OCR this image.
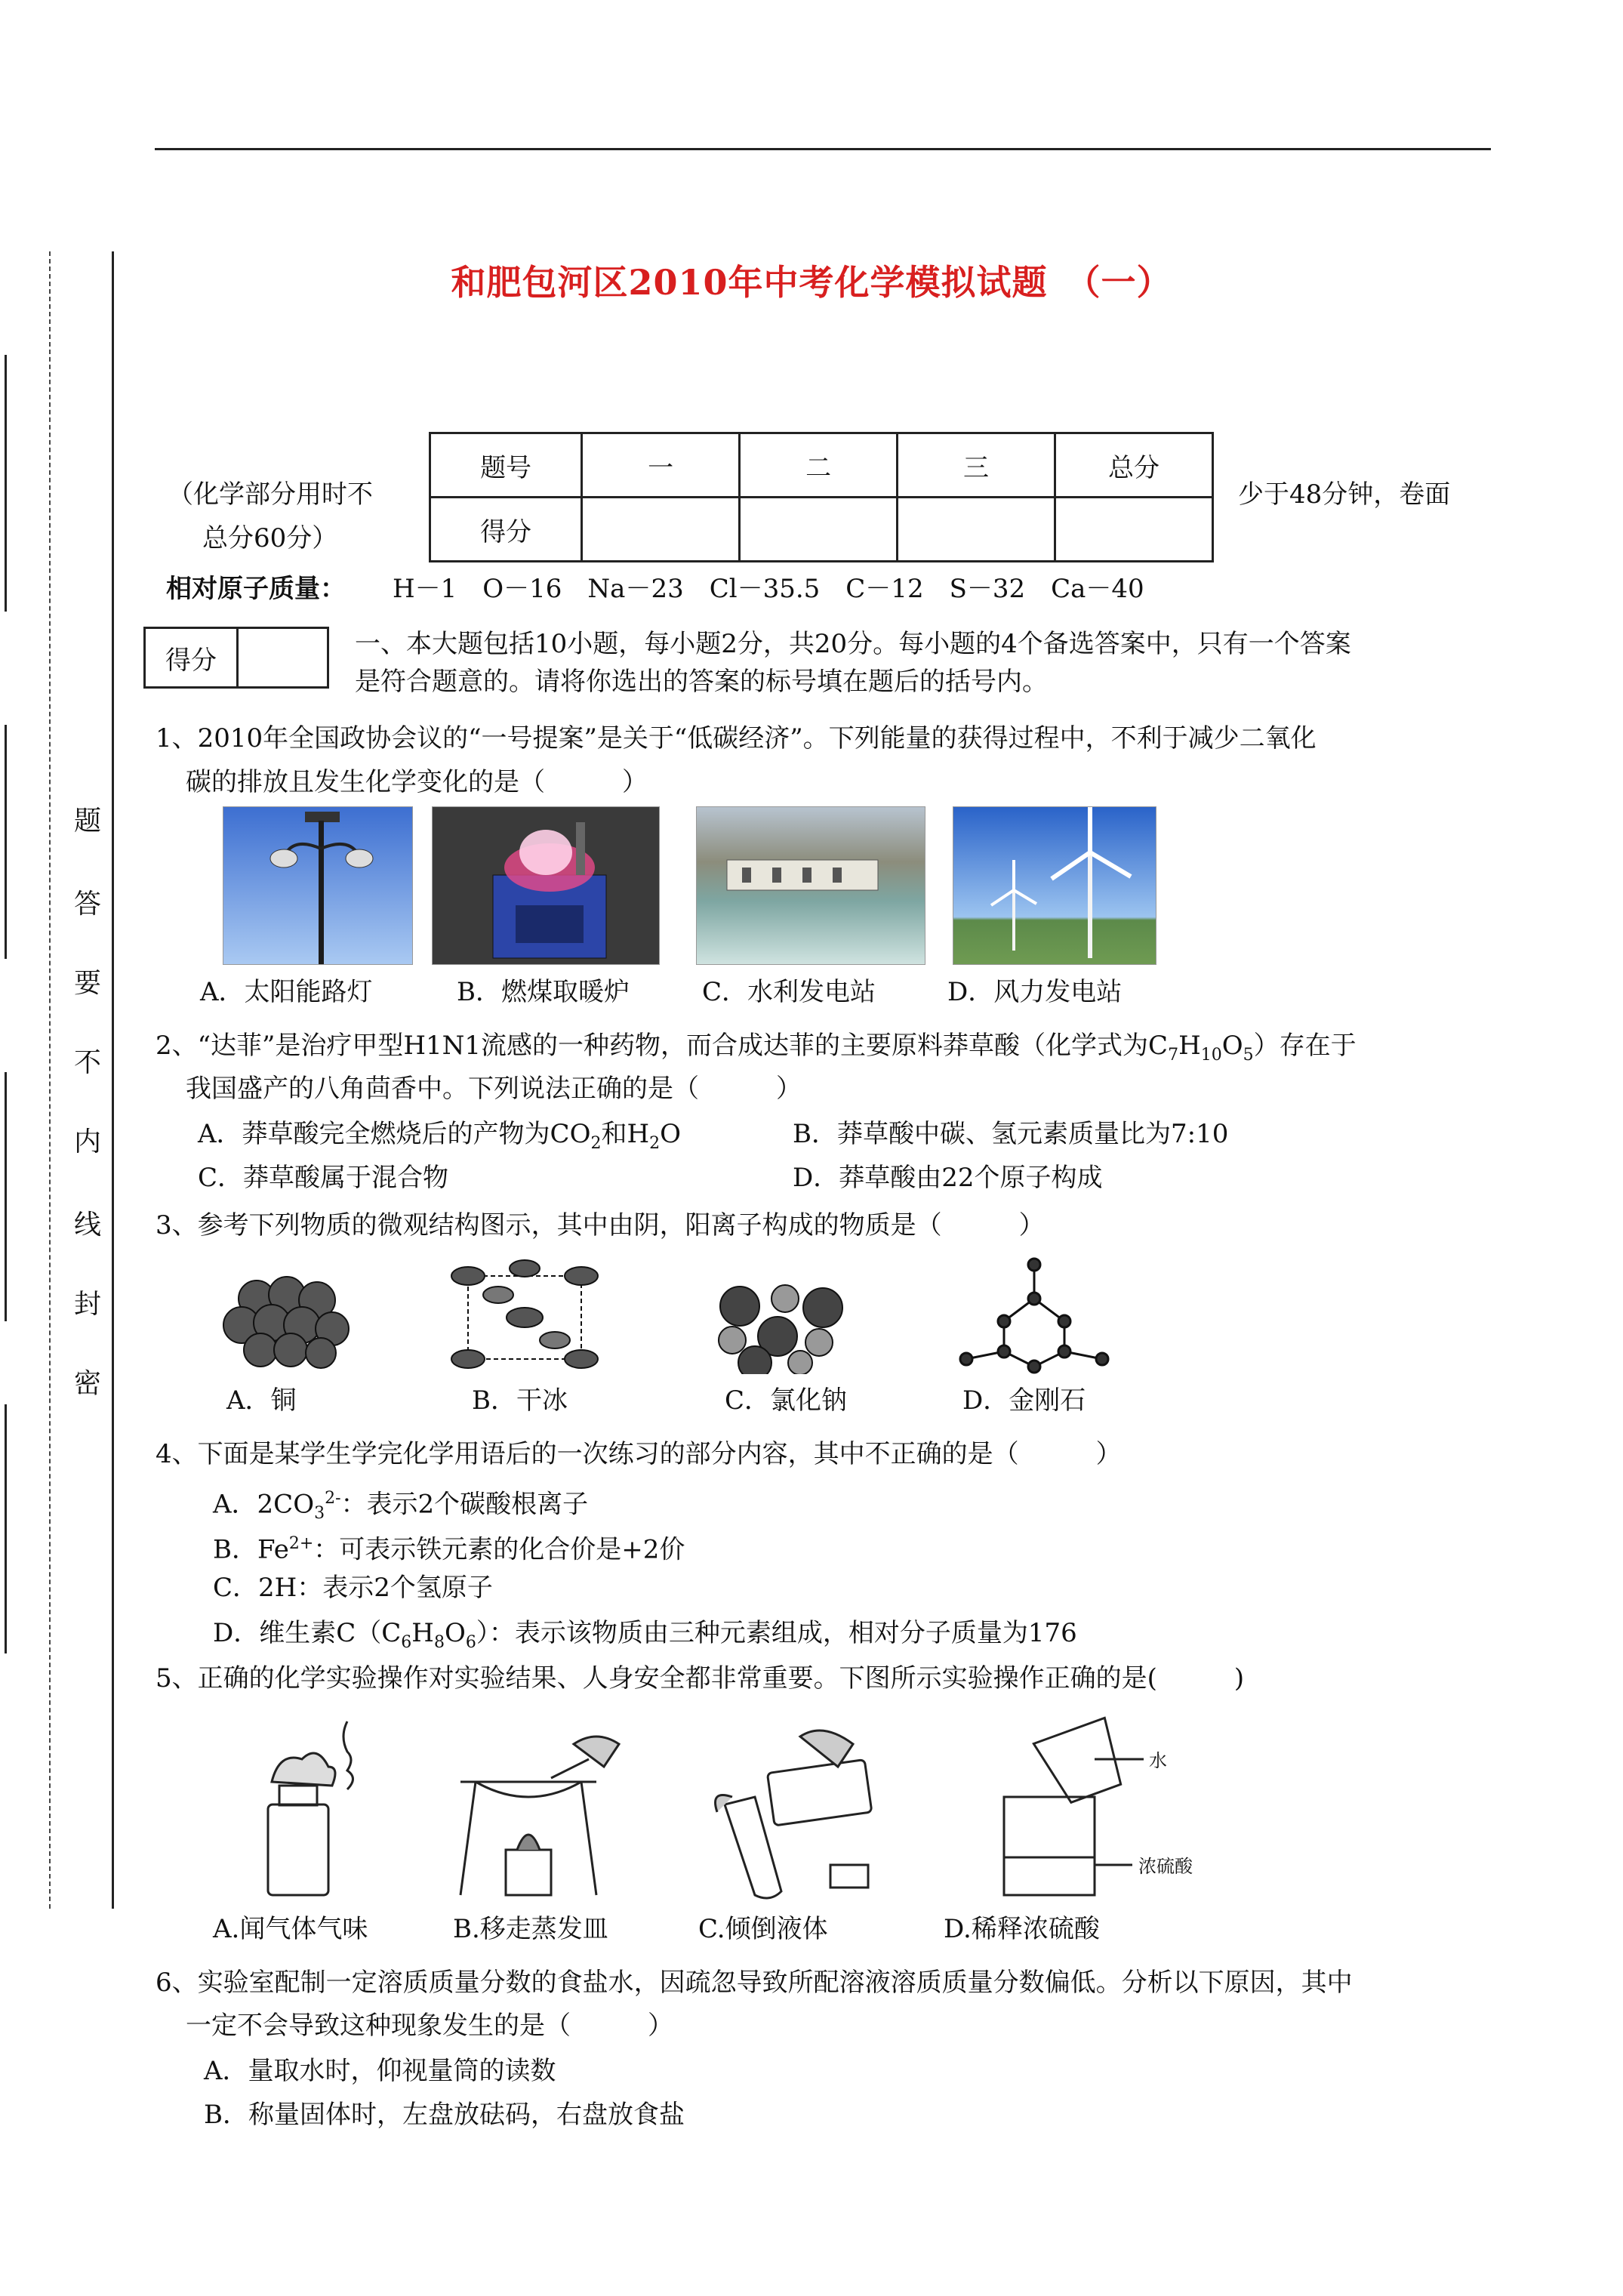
题
答
要
不
内
线
封
密
和肥包河区2010年中考化学模拟试题　（一）
（化学部分用时不
总分60分）
少于48分钟，卷面
题号	一	二	三	总分
得分				
相对原子质量： H－1　O－16　Na－23　Cl－35.5　C－12　S－32　Ca－40
得分
一、本大题包括10小题，每小题2分，共20分。每小题的4个备选答案中，只有一个答案
是符合题意的。请将你选出的答案的标号填在题后的括号内。
1、2010年全国政协会议的“一号提案”是关于“低碳经济”。下列能量的获得过程中，不利于减少二氧化
碳的排放且发生化学变化的是（　　　）
A．太阳能路灯	B．燃煤取暖炉	C．水利发电站	D．风力发电站
2、“达菲”是治疗甲型H1N1流感的一种药物，而合成达菲的主要原料莽草酸（化学式为$C_7H_{10}O_5$）存在于
我国盛产的八角茴香中。下列说法正确的是（　　　）
A．莽草酸完全燃烧后的产物为$CO_2$和$H_2O$	B．莽草酸中碳、氢元素质量比为7:10
C．莽草酸属于混合物	D．莽草酸由22个原子构成
3、参考下列物质的微观结构图示，其中由阴，阳离子构成的物质是（　　　）
A．铜	B．干冰	C．氯化钠	D．金刚石
4、下面是某学生学完化学用语后的一次练习的部分内容，其中不正确的是（　　　）
A．$2CO_3^{2-}$：表示2个碳酸根离子
B．$Fe^{2+}$：可表示铁元素的化合价是+2价
C．2H：表示2个氢原子
D．维生素$C(C_6H_8O_6)$：表示该物质由三种元素组成，相对分子质量为176
5、正确的化学实验操作对实验结果、人身安全都非常重要。下图所示实验操作正确的是(　　　)
水
浓硫酸
A.闻气体气味	B.移走蒸发皿	C.倾倒液体	D.稀释浓硫酸
6、实验室配制一定溶质质量分数的食盐水，因疏忽导致所配溶液溶质质量分数偏低。分析以下原因，其中
一定不会导致这种现象发生的是（　　　）
A．量取水时，仰视量筒的读数
B．称量固体时，左盘放砝码，右盘放食盐
